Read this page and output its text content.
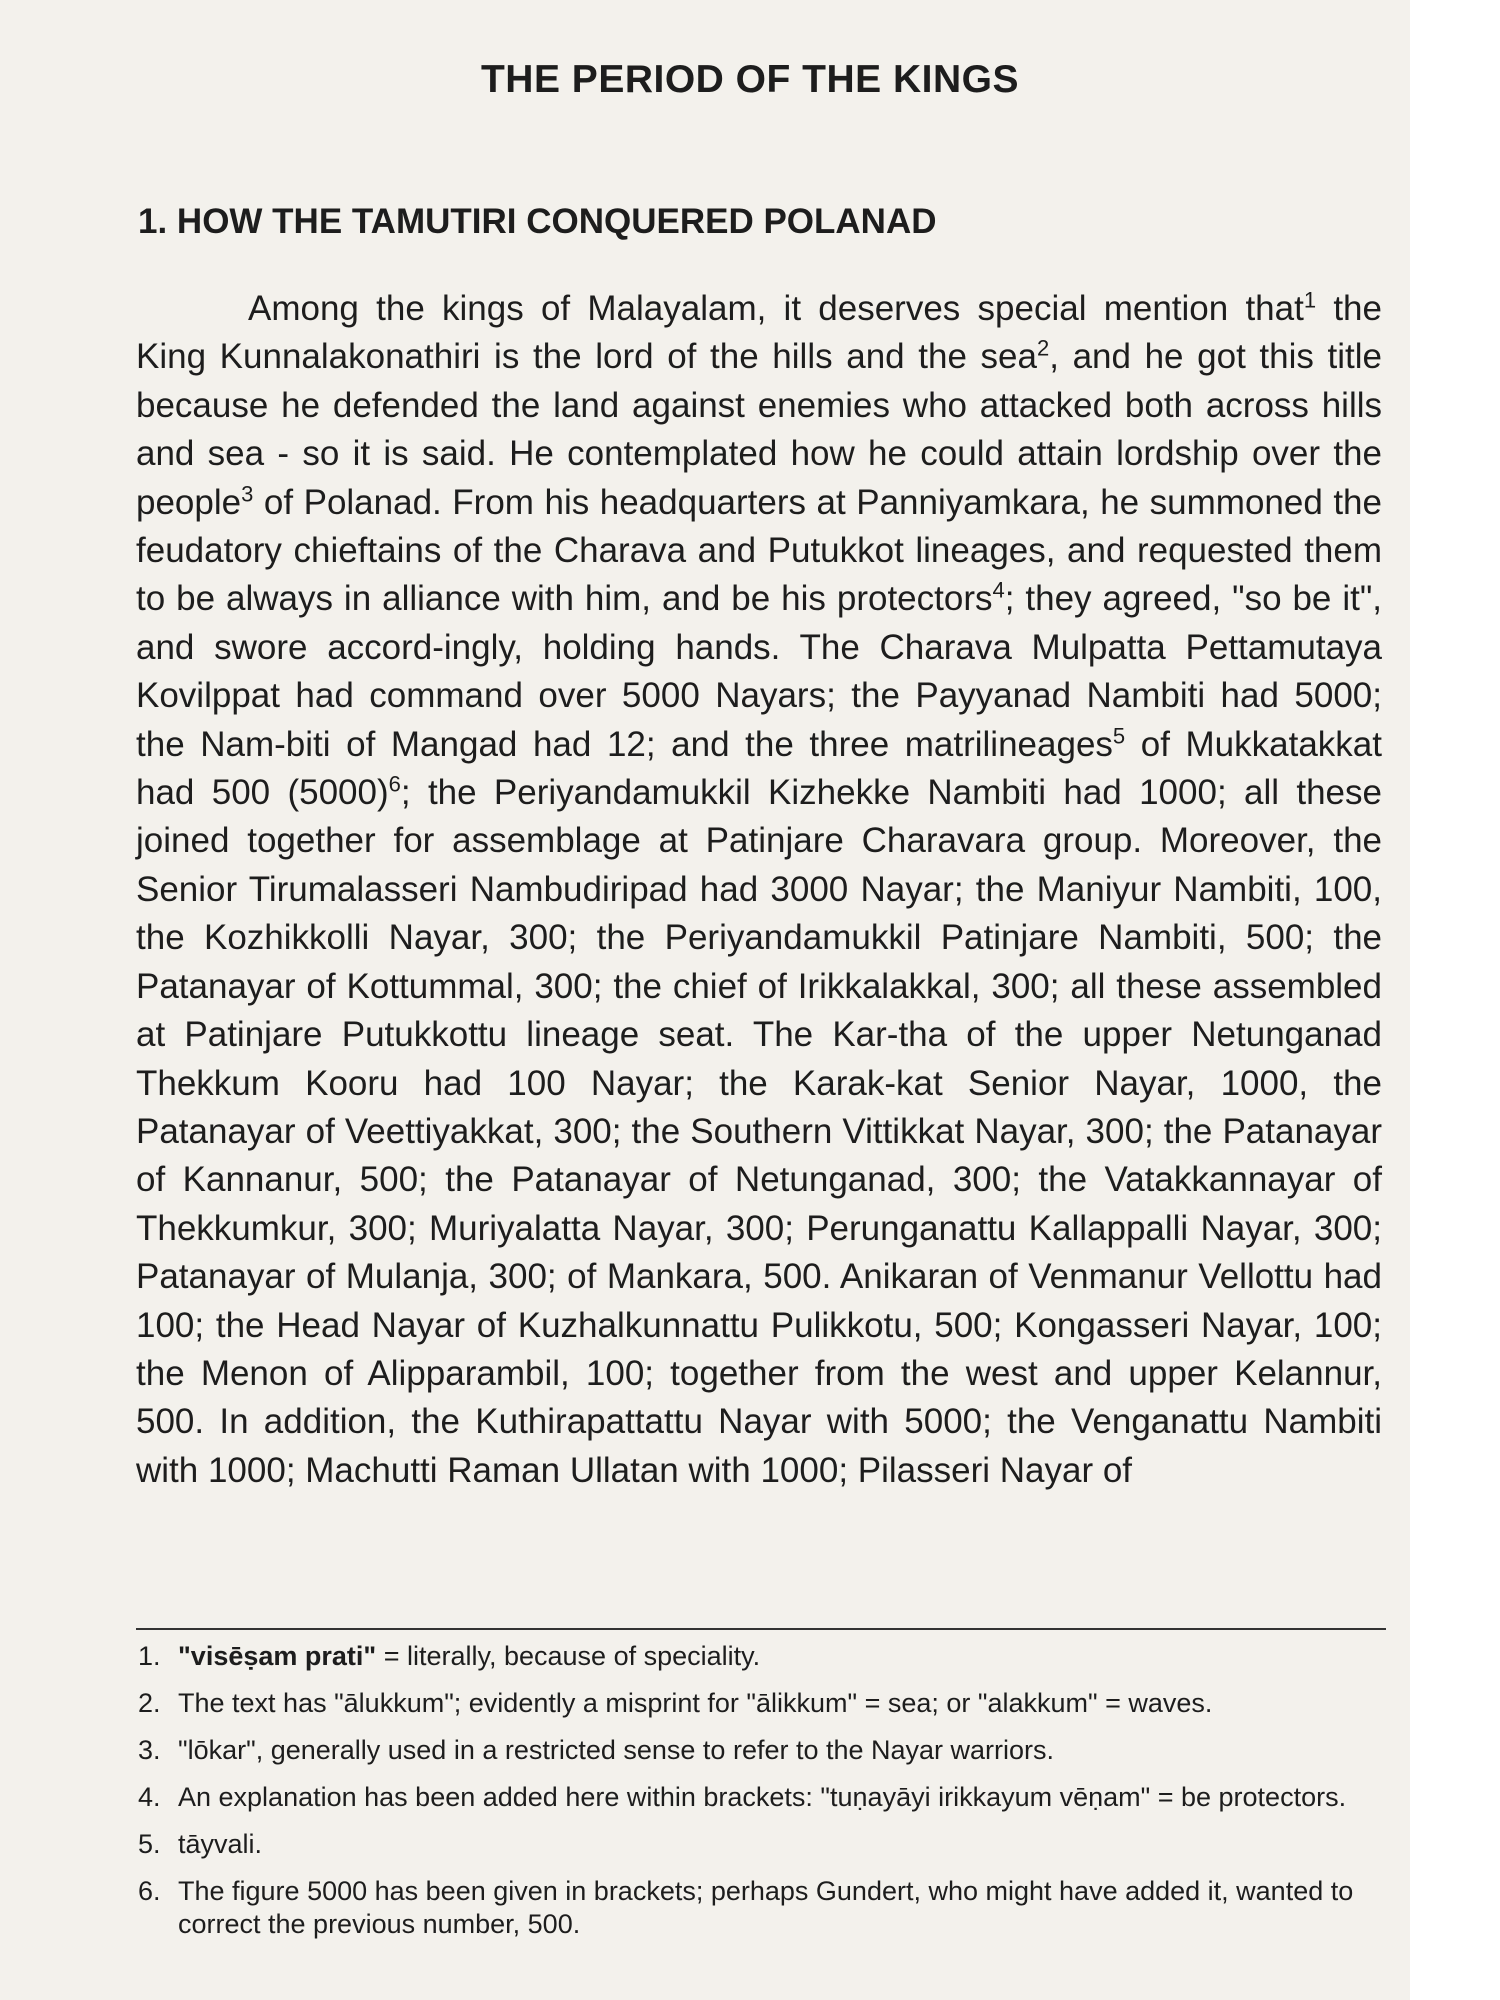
THE PERIOD OF THE KINGS
1. HOW THE TAMUTIRI CONQUERED POLANAD

Among the kings of Malayalam, it deserves special mention that$^1$ the King Kunnalakonathiri is the lord of the hills and the sea$^2$, and he got this title because he defended the land against enemies who attacked both across hills and sea - so it is said. He contemplated how he could attain lordship over the people$^3$ of Polanad. From his headquarters at Panniyamkara, he summoned the feudatory chieftains of the Charava and Putukkot lineages, and requested them to be always in alliance with him, and be his protectors$^4$; they agreed, "so be it", and swore accord-ingly, holding hands. The Charava Mulpatta Pettamutaya Kovilppat had command over 5000 Nayars; the Payyanad Nambiti had 5000; the Nam-biti of Mangad had 12; and the three matrilineages$^5$ of Mukkatakkat had 500 $(5000)^6$; the Periyandamukkil Kizhekke Nambiti had 1000; all these joined together for assemblage at Patinjare Charavara group. Moreover, the Senior Tirumalasseri Nambudiripad had 3000 Nayar; the Maniyur Nambiti, 100, the Kozhikkolli Nayar, 300; the Periyandamukkil Patinjare Nambiti, 500; the Patanayar of Kottummal, 300; the chief of Irikkalakkal, 300; all these assembled at Patinjare Putukkottu lineage seat. The Kar-tha of the upper Netunganad Thekkum Kooru had 100 Nayar; the Karak-kat Senior Nayar, 1000, the Patanayar of Veettiyakkat, 300; the Southern Vittikkat Nayar, 300; the Patanayar of Kannanur, 500; the Patanayar of Netunganad, 300; the Vatakkannayar of Thekkumkur, 300; Muriyalatta Nayar, 300; Perunganattu Kallappalli Nayar, 300; Patanayar of Mulanja, 300; of Mankara, 500. Anikaran of Venmanur Vellottu had 100; the Head Nayar of Kuzhalkunnattu Pulikkotu, 500; Kongasseri Nayar, 100; the Menon of Alipparambil, 100; together from the west and upper Kelannur, 500. In addition, the Kuthirapattattu Nayar with 5000; the Venganattu Nambiti with 1000; Machutti Raman Ullatan with 1000; Pilasseri Nayar of

1. "visēṣam prati" = literally, because of speciality.
2. The text has "ālukkum"; evidently a misprint for "ālikkum" = sea; or "alakkum" = waves.
3. "lōkar", generally used in a restricted sense to refer to the Nayar warriors.
4. An explanation has been added here within brackets: "tuṇayāyi irikkayum vēṇam" = be protectors.
5. tāyvali.
6. The figure 5000 has been given in brackets; perhaps Gundert, who might have added it, wanted to correct the previous number, 500.
